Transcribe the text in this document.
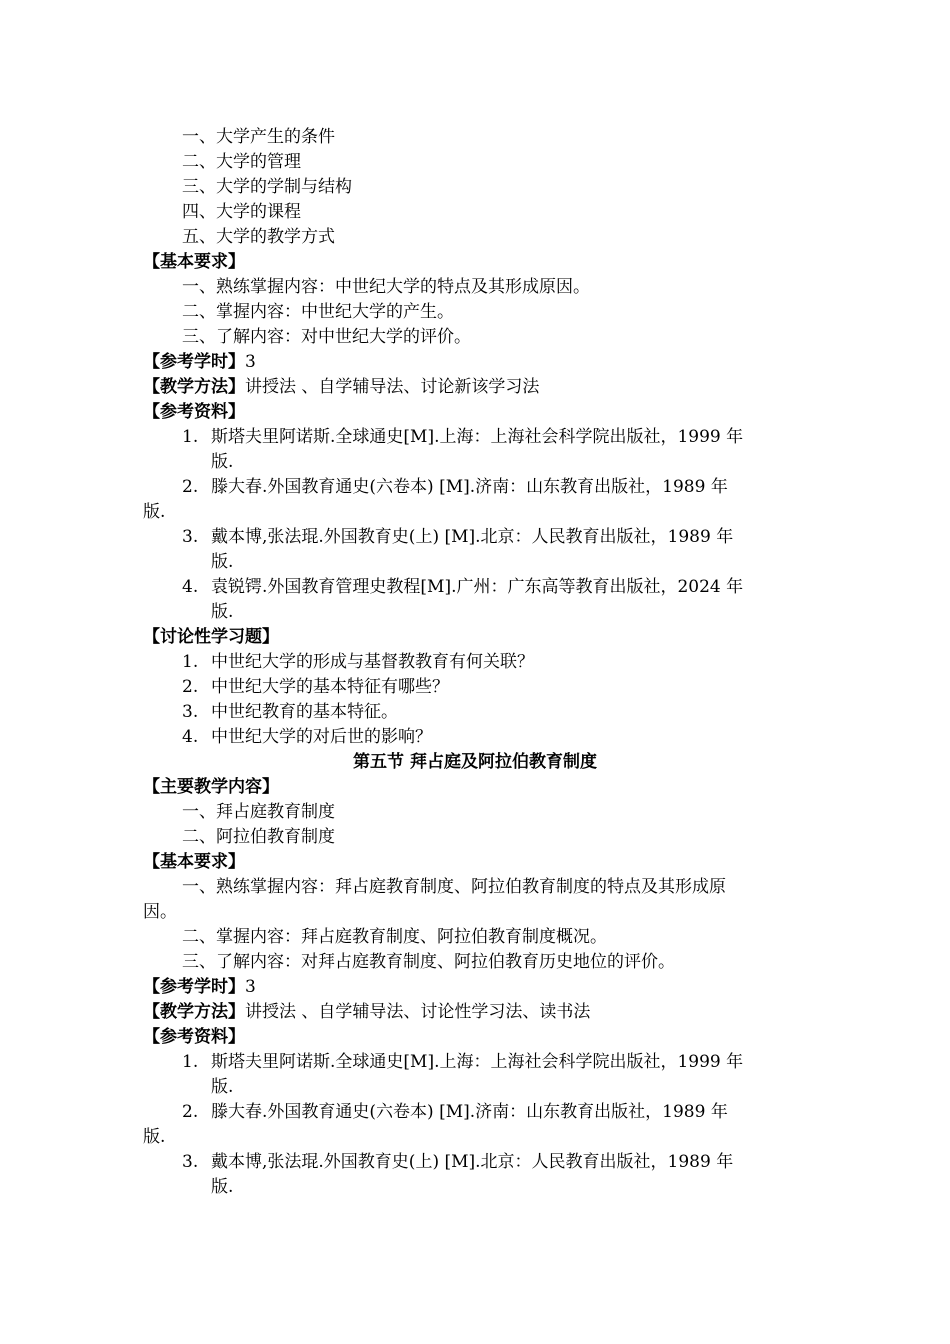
一、大学产生的条件
二、大学的管理
三、大学的学制与结构
四、大学的课程
五、大学的教学方式
【基本要求】
一、熟练掌握内容：中世纪大学的特点及其形成原因。
二、掌握内容：中世纪大学的产生。
三、了解内容：对中世纪大学的评价。
【参考学时】3
【教学方法】讲授法 、自学辅导法、讨论新该学习法
【参考资料】
1. 斯塔夫里阿诺斯.全球通史[M].上海：上海社会科学院出版社，1999 年
版.
2. 滕大春.外国教育通史(六卷本) [M].济南：山东教育出版社，1989 年
版.
3. 戴本博,张法琨.外国教育史(上) [M].北京：人民教育出版社，1989 年
版.
4. 袁锐锷.外国教育管理史教程[M].广州：广东高等教育出版社，2024 年
版.
【讨论性学习题】
1. 中世纪大学的形成与基督教教育有何关联？
2. 中世纪大学的基本特征有哪些？
3. 中世纪教育的基本特征。
4. 中世纪大学的对后世的影响？
第五节 拜占庭及阿拉伯教育制度
【主要教学内容】
一、拜占庭教育制度
二、阿拉伯教育制度
【基本要求】
一、熟练掌握内容：拜占庭教育制度、阿拉伯教育制度的特点及其形成原
因。
二、掌握内容：拜占庭教育制度、阿拉伯教育制度概况。
三、了解内容：对拜占庭教育制度、阿拉伯教育历史地位的评价。
【参考学时】3
【教学方法】讲授法 、自学辅导法、讨论性学习法、读书法
【参考资料】
1. 斯塔夫里阿诺斯.全球通史[M].上海：上海社会科学院出版社，1999 年
版.
2. 滕大春.外国教育通史(六卷本) [M].济南：山东教育出版社，1989 年
版.
3. 戴本博,张法琨.外国教育史(上) [M].北京：人民教育出版社，1989 年
版.
